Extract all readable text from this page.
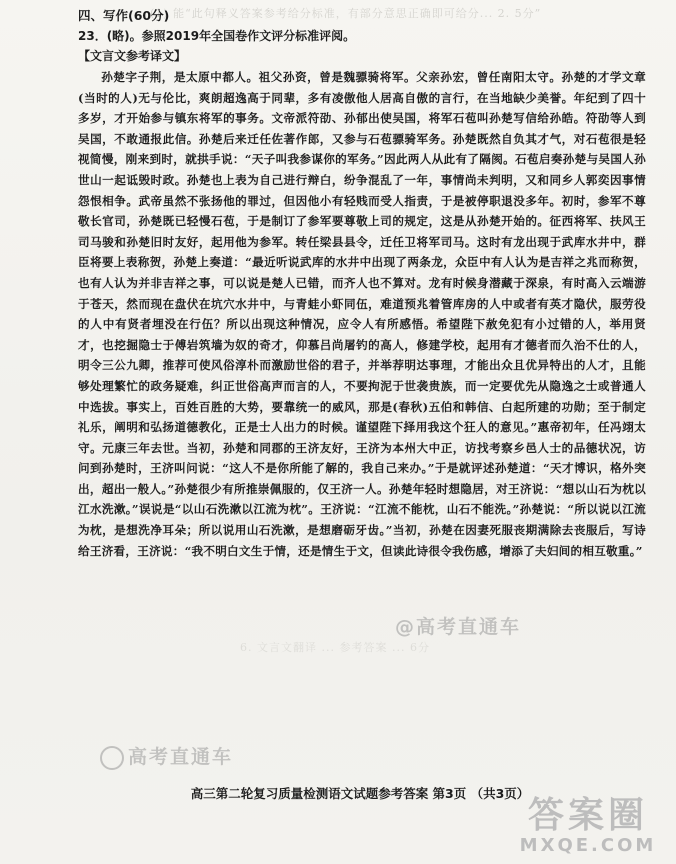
(1) 能“此句释义答案参考给分标准，有部分意思正确即可给分... 2. 5分”
6. 文言文翻译 ... 参考答案 ... 6分

四、写作(60分)

23．(略)。参照2019年全国卷作文评分标准评阅。

【文言文参考译文】

孙楚字子荆，是太原中都人。祖父孙资，曾是魏骠骑将军。父亲孙宏，曾任南阳太守。孙楚的才学文章(当时的人)无与伦比，爽朗超逸高于同辈，多有凌傲他人居高自傲的言行，在当地缺少美誉。年纪到了四十多岁，才开始参与镇东将军的事务。文帝派符劭、孙郁出使吴国，将军石苞叫孙楚写信给孙皓。符劭等人到吴国，不敢通报此信。孙楚后来迁任佐著作郎，又参与石苞骠骑军务。孙楚既然自负其才气，对石苞很是轻视简慢，刚来到时，就拱手说：“天子叫我参谋你的军务。”因此两人从此有了隔阂。石苞启奏孙楚与吴国人孙世山一起诋毁时政。孙楚也上表为自己进行辩白，纷争混乱了一年，事情尚未判明，又和同乡人郭奕因事情怨恨相争。武帝虽然不张扬他的罪过，但因他小有轻贱而受人指责，于是被停职退没多年。初时，参军不尊敬长官司，孙楚既已轻慢石苞，于是制订了参军要尊敬上司的规定，这是从孙楚开始的。征西将军、扶风王司马骏和孙楚旧时友好，起用他为参军。转任梁县县令，迁任卫将军司马。这时有龙出现于武库水井中，群臣将要上表称贺，孙楚上奏道：“最近听说武库的水井中出现了两条龙，众臣中有人认为是吉祥之兆而称贺，也有人认为并非吉祥之事，可以说是楚人已错，而齐人也不算对。龙有时候身潜藏于深泉，有时高入云端游于苍天，然而现在盘伏在坑穴水井中，与青蛙小虾同伍，难道预兆着管库房的人中或者有英才隐伏，服劳役的人中有贤者埋没在行伍？所以出现这种情况，应令人有所感悟。希望陛下赦免犯有小过错的人，举用贤才，也挖掘隐士于傅岩筑墙为奴的奇才，仰慕吕尚屠钓的高人，修建学校，起用有才德者而久治不仕的人，明令三公九卿，推荐可使风俗淳朴而激励世俗的君子，并举荐明达事理，才能出众且优异特出的人才，且能够处理繁忙的政务疑难，纠正世俗高声而言的人，不要拘泥于世袭贵族，而一定要优先从隐逸之士或普通人中选拔。事实上，百姓百胜的大势，要靠统一的威风，那是(春秋)五伯和韩信、白起所建的功勋；至于制定礼乐，阐明和弘扬道德教化，正是士人出力的时候。谨望陛下择用我这个狂人的意见。”惠帝初年，任冯翊太守。元康三年去世。当初，孙楚和同郡的王济友好，王济为本州大中正，访找考察乡邑人士的品德状况，访问到孙楚时，王济叫问说：“这人不是你所能了解的，我自己来办。”于是就评述孙楚道：“天才博识，格外突出，超出一般人。”孙楚很少有所推崇佩服的，仅王济一人。孙楚年轻时想隐居，对王济说：“想以山石为枕以江水洗漱。”误说是“以山石洗漱以江流为枕”。王济说：“江流不能枕，山石不能洗。”孙楚说：“所以说以江流为枕，是想洗净耳朵；所以说用山石洗漱，是想磨砺牙齿。”当初，孙楚在因妻死服丧期满除去丧服后，写诗给王济看，王济说：“我不明白文生于情，还是情生于文，但读此诗很令我伤感，增添了夫妇间的相互敬重。”

@高考直通车
高考直通车
高三第二轮复习质量检测语文试题参考答案 第3页 （共3页）
答案圈
MXQE.COM
